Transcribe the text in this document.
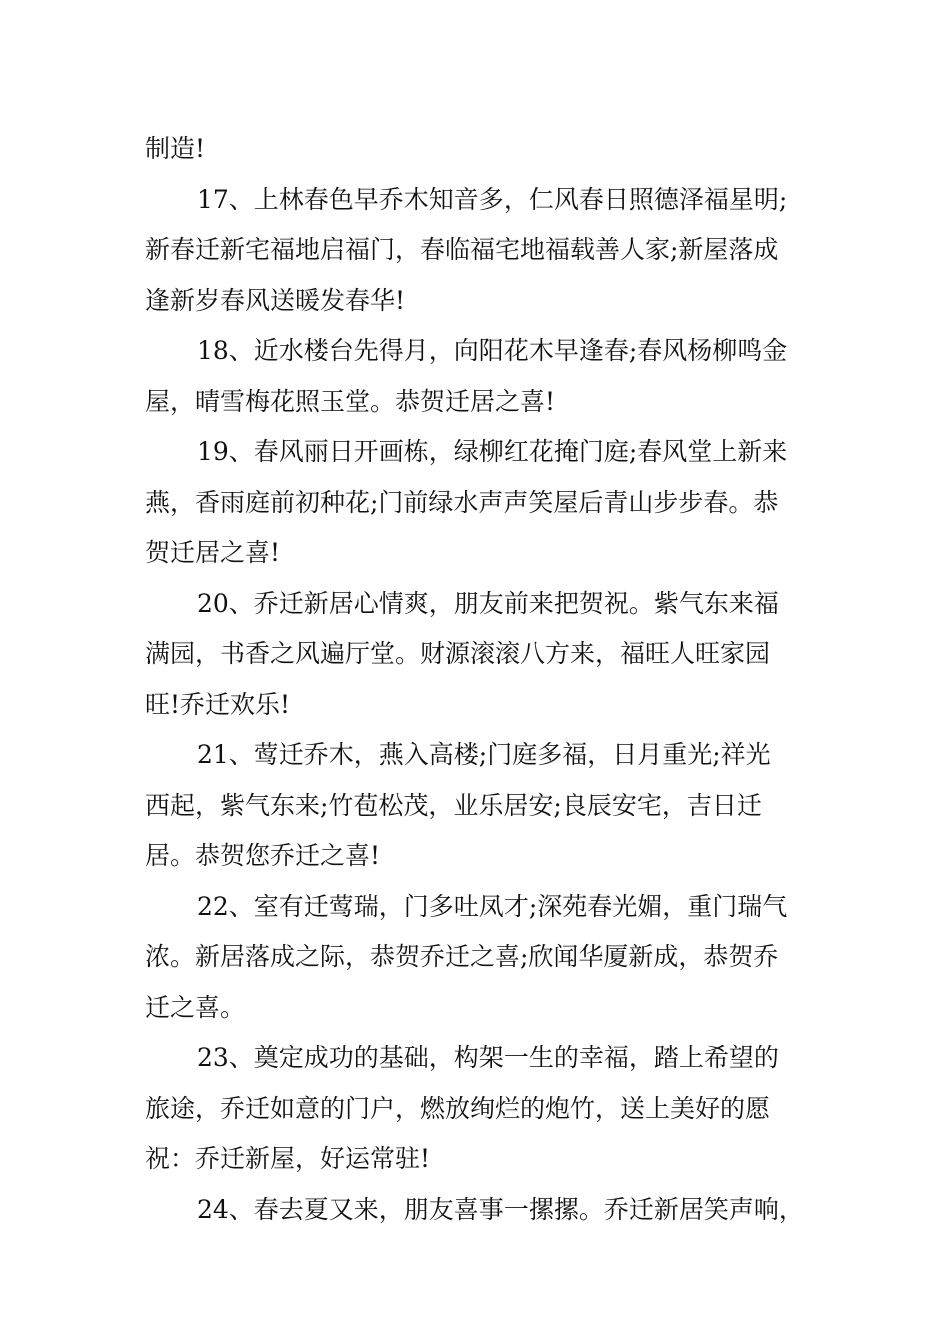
制造!
17、上林春色早乔木知音多，仁风春日照德泽福星明;
新春迁新宅福地启福门，春临福宅地福载善人家;新屋落成
逢新岁春风送暖发春华!
18、近水楼台先得月，向阳花木早逢春;春风杨柳鸣金
屋，晴雪梅花照玉堂。恭贺迁居之喜!
19、春风丽日开画栋，绿柳红花掩门庭;春风堂上新来
燕，香雨庭前初种花;门前绿水声声笑屋后青山步步春。恭
贺迁居之喜!
20、乔迁新居心情爽，朋友前来把贺祝。紫气东来福
满园，书香之风遍厅堂。财源滚滚八方来，福旺人旺家园
旺!乔迁欢乐!
21、莺迁乔木，燕入高楼;门庭多福，日月重光;祥光
西起，紫气东来;竹苞松茂，业乐居安;良辰安宅，吉日迁
居。恭贺您乔迁之喜!
22、室有迁莺瑞，门多吐凤才;深苑春光媚，重门瑞气
浓。新居落成之际，恭贺乔迁之喜;欣闻华厦新成，恭贺乔
迁之喜。
23、奠定成功的基础，构架一生的幸福，踏上希望的
旅途，乔迁如意的门户，燃放绚烂的炮竹，送上美好的愿
祝：乔迁新屋，好运常驻!
24、春去夏又来，朋友喜事一摞摞。乔迁新居笑声响，
